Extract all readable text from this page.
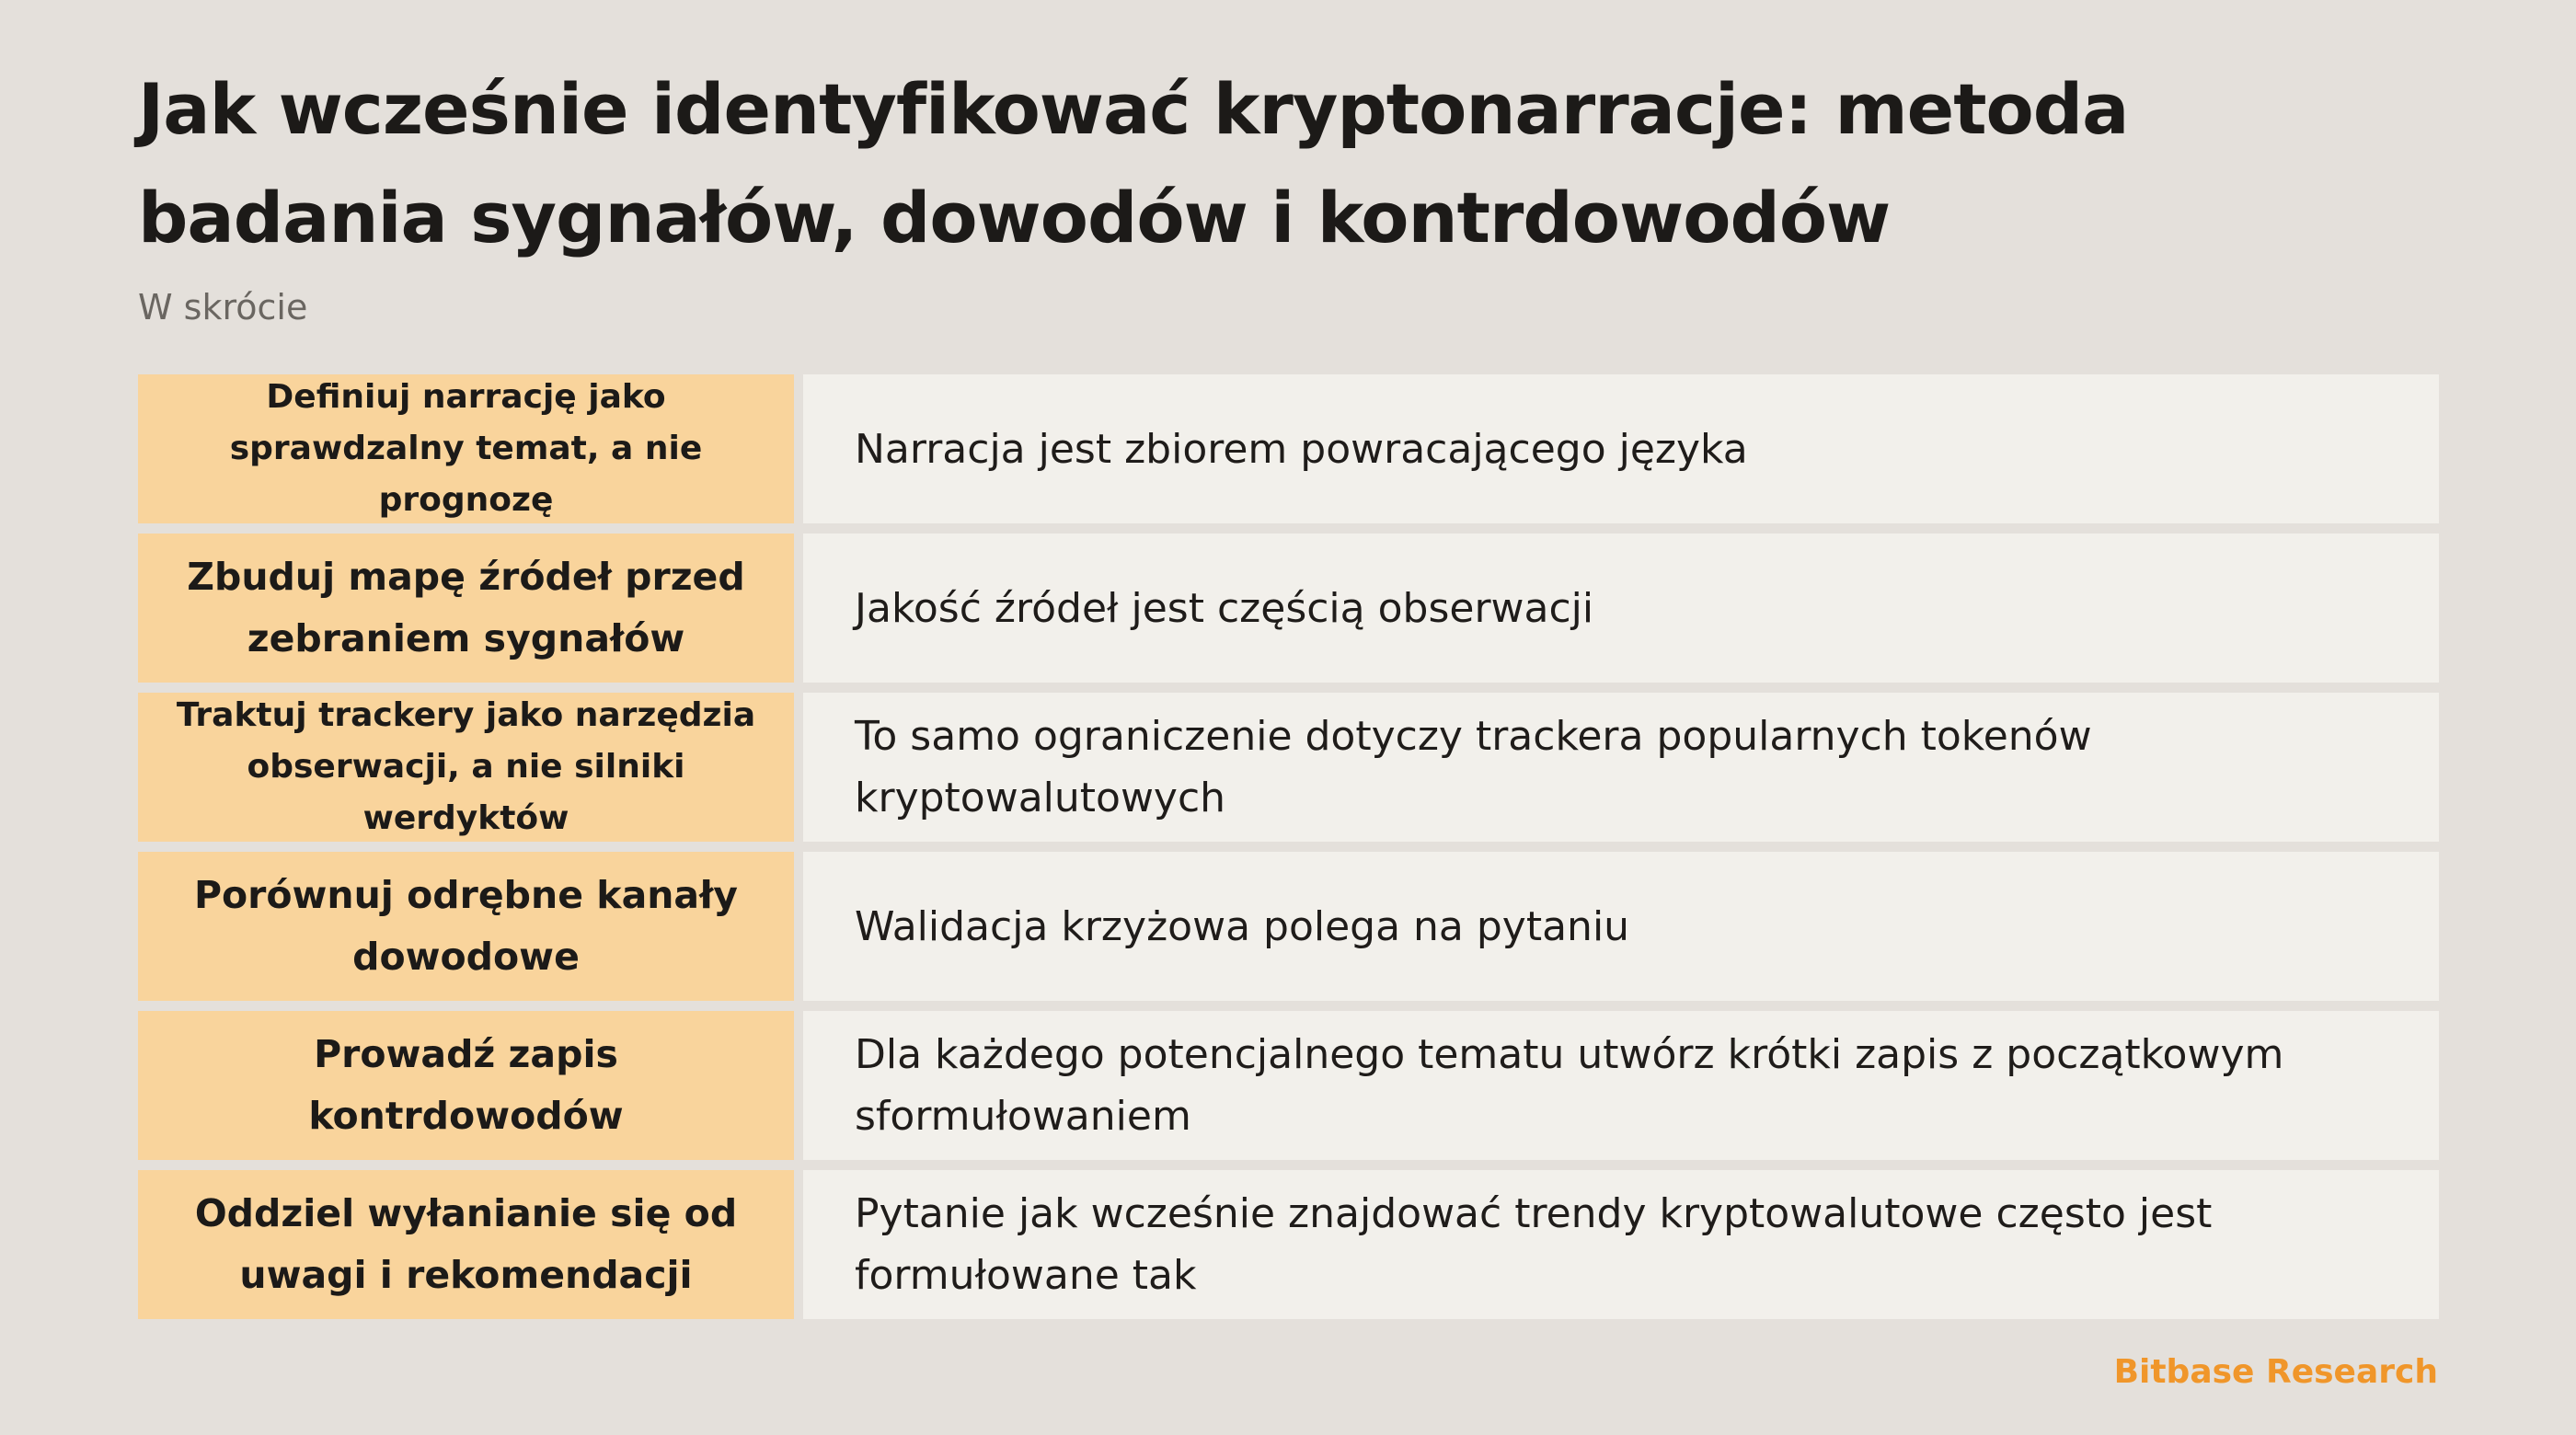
Jak wcześnie identyfikować kryptonarracje: metoda badania sygnałów, dowodów i kontrdowodów
W skrócie
Definiuj narrację jako sprawdzalny temat, a nie prognozę
Narracja jest zbiorem powracającego języka
Zbuduj mapę źródeł przed zebraniem sygnałów
Jakość źródeł jest częścią obserwacji
Traktuj trackery jako narzędzia obserwacji, a nie silniki werdyktów
To samo ograniczenie dotyczy trackera popularnych tokenów kryptowalutowych
Porównuj odrębne kanały dowodowe
Walidacja krzyżowa polega na pytaniu
Prowadź zapis kontrdowodów
Dla każdego potencjalnego tematu utwórz krótki zapis z początkowym sformułowaniem
Oddziel wyłanianie się od uwagi i rekomendacji
Pytanie jak wcześnie znajdować trendy kryptowalutowe często jest formułowane tak
Bitbase Research
